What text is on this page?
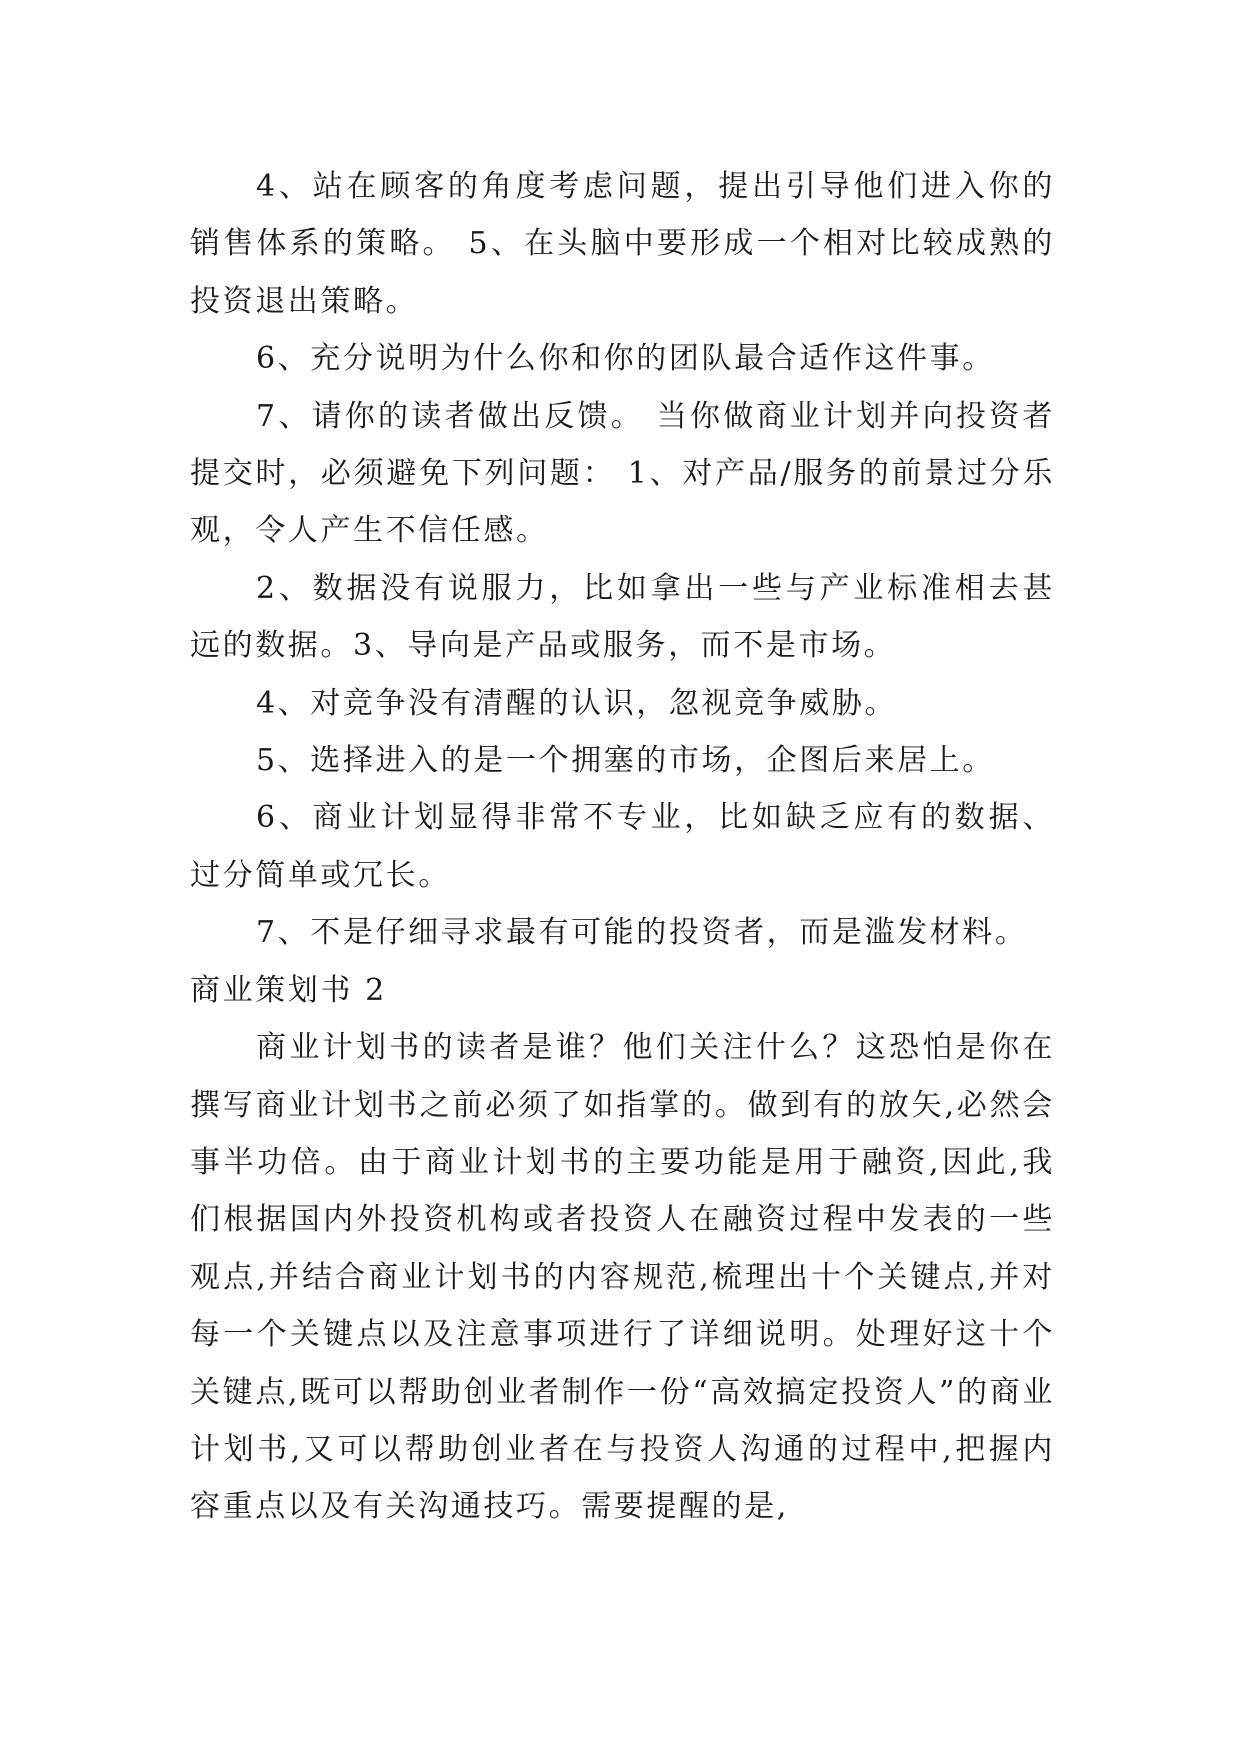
4、站在顾客的角度考虑问题，提出引导他们进入你的销售体系的策略。 5、在头脑中要形成一个相对比较成熟的投资退出策略。

6、充分说明为什么你和你的团队最合适作这件事。

7、请你的读者做出反馈。 当你做商业计划并向投资者提交时，必须避免下列问题： 1、对产品/服务的前景过分乐观，令人产生不信任感。

2、数据没有说服力，比如拿出一些与产业标准相去甚远的数据。3、导向是产品或服务，而不是市场。

4、对竞争没有清醒的认识，忽视竞争威胁。

5、选择进入的是一个拥塞的市场，企图后来居上。

6、商业计划显得非常不专业，比如缺乏应有的数据、过分简单或冗长。

7、不是仔细寻求最有可能的投资者，而是滥发材料。

商业策划书 2

商业计划书的读者是谁？他们关注什么？这恐怕是你在撰写商业计划书之前必须了如指掌的。做到有的放矢,必然会事半功倍。由于商业计划书的主要功能是用于融资,因此,我们根据国内外投资机构或者投资人在融资过程中发表的一些观点,并结合商业计划书的内容规范,梳理出十个关键点,并对每一个关键点以及注意事项进行了详细说明。处理好这十个关键点,既可以帮助创业者制作一份“高效搞定投资人”的商业计划书,又可以帮助创业者在与投资人沟通的过程中,把握内容重点以及有关沟通技巧。需要提醒的是,
